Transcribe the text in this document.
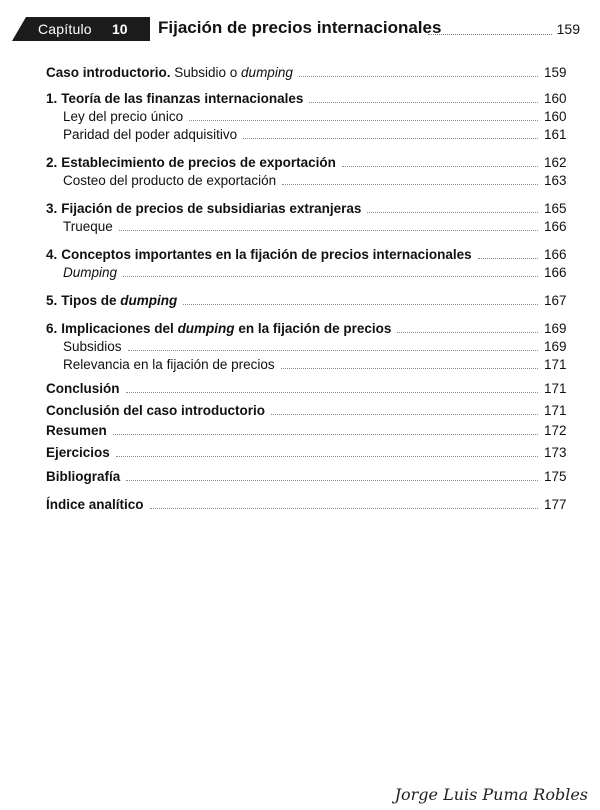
Capítulo 10 Fijación de precios internacionales	159
Caso introductorio. Subsidio o dumping	159
1. Teoría de las finanzas internacionales	160
Ley del precio único	160
Paridad del poder adquisitivo	161
2. Establecimiento de precios de exportación	162
Costeo del producto de exportación	163
3. Fijación de precios de subsidiarias extranjeras	165
Trueque	166
4. Conceptos importantes en la fijación de precios internacionales	166
Dumping	166
5. Tipos de dumping	167
6. Implicaciones del dumping en la fijación de precios	169
Subsidios	169
Relevancia en la fijación de precios	171
Conclusión	171
Conclusión del caso introductorio	171
Resumen	172
Ejercicios	173
Bibliografía	175
Índice analítico	177
Jorge Luis Puma Robles
